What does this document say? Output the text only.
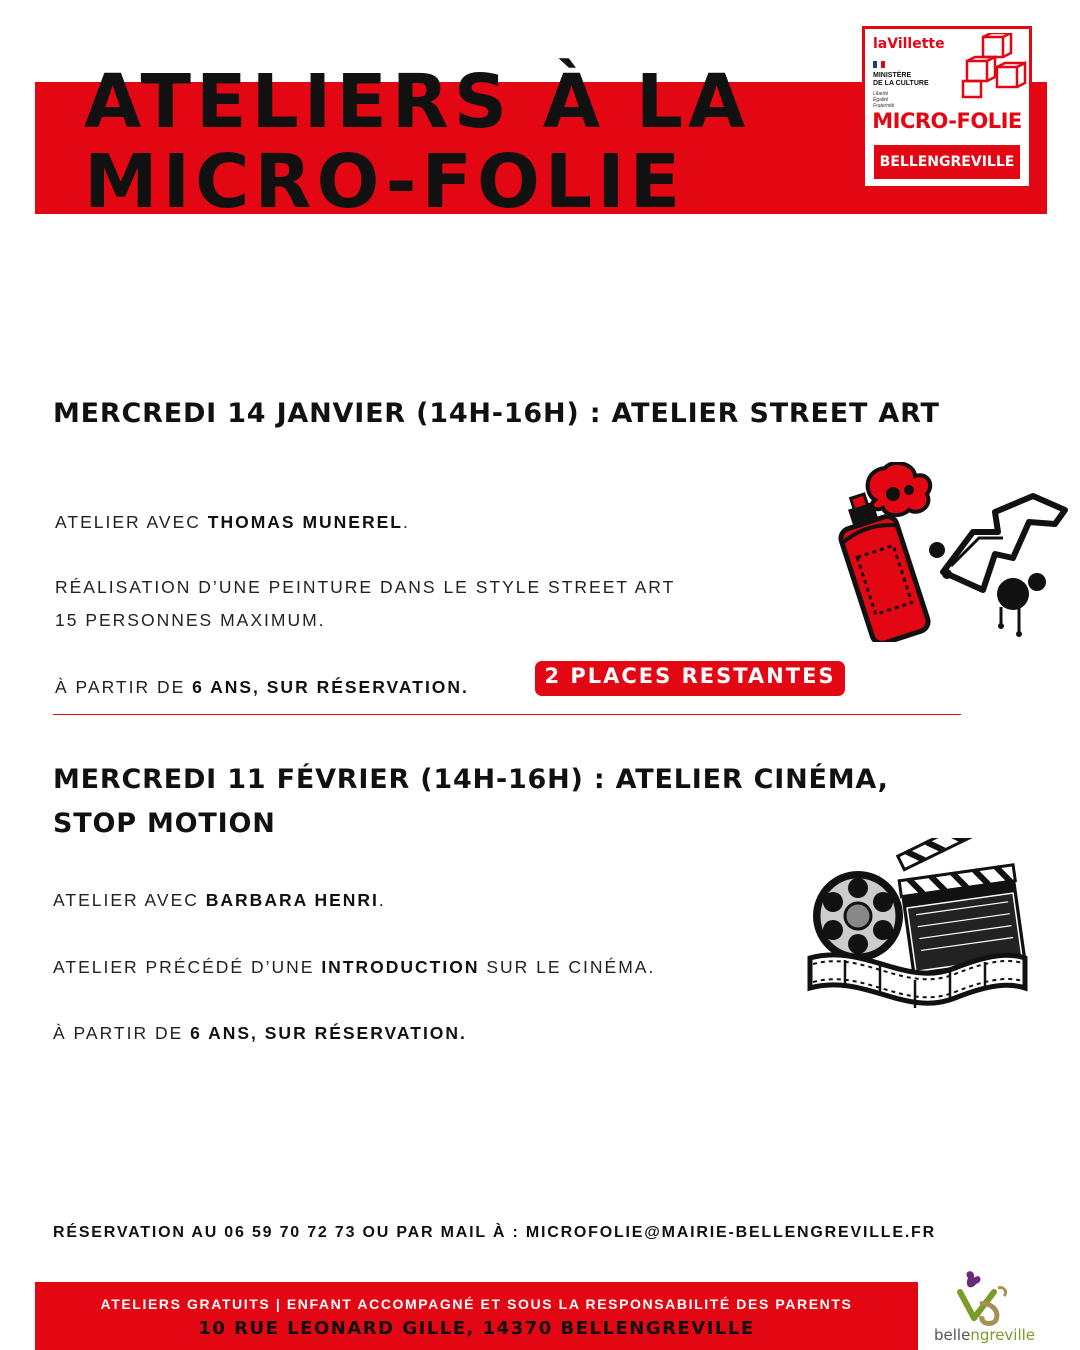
ATELIERS À LA
MICRO-FOLIE
laVillette
MINISTÈRE
DE LA CULTURE
Liberté
Égalité
Fraternité
MICRO-FOLIE
BELLENGREVILLE
MERCREDI 14 JANVIER (14H-16H) : ATELIER STREET ART
ATELIER AVEC THOMAS MUNEREL.
RÉALISATION D’UNE PEINTURE DANS LE STYLE STREET ART
15 PERSONNES MAXIMUM.
À PARTIR DE 6 ANS, SUR RÉSERVATION.	2 PLACES RESTANTES
MERCREDI 11 FÉVRIER (14H-16H) : ATELIER CINÉMA,
STOP MOTION
ATELIER AVEC BARBARA HENRI.
ATELIER PRÉCÉDÉ D’UNE INTRODUCTION SUR LE CINÉMA.
À PARTIR DE 6 ANS, SUR RÉSERVATION.
RÉSERVATION AU 06 59 70 72 73 OU PAR MAIL À : MICROFOLIE@MAIRIE-BELLENGREVILLE.FR
ATELIERS GRATUITS | ENFANT ACCOMPAGNÉ ET SOUS LA RESPONSABILITÉ DES PARENTS
10 RUE LEONARD GILLE, 14370 BELLENGREVILLE	bellengreville
